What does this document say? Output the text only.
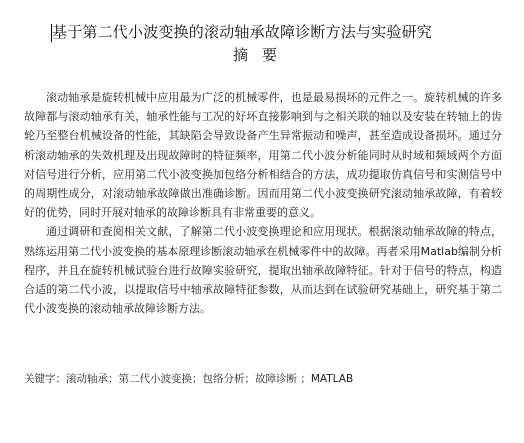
基于第二代小波变换的滚动轴承故障诊断方法与实验研究
摘要

滚动轴承是旋转机械中应用最为广泛的机械零件，也是最易损坏的元件之一。旋转机械的许多故障都与滚动轴承有关，轴承性能与工况的好坏直接影响到与之相关联的轴以及安装在转轴上的齿轮乃至整台机械设备的性能，其缺陷会导致设备产生异常振动和噪声，甚至造成设备损坏。通过分析滚动轴承的失效机理及出现故障时的特征频率，用第二代小波分析能同时从时域和频域两个方面对信号进行分析，应用第二代小波变换加包络分析相结合的方法，成功提取仿真信号和实测信号中的周期性成分，对滚动轴承故障做出准确诊断。因而用第二代小波变换研究滚动轴承故障，有着较好的优势，同时开展对轴承的故障诊断具有非常重要的意义。

通过调研和查阅相关文献，了解第二代小波变换理论和应用现状。根据滚动轴承故障的特点，熟练运用第二代小波变换的基本原理诊断滚动轴承在机械零件中的故障。再者采用Matlab编制分析程序，并且在旋转机械试验台进行故障实验研究，提取出轴承故障特征。针对于信号的特点，构造合适的第二代小波，以提取信号中轴承故障特征参数，从而达到在试验研究基础上，研究基于第二代小波变换的滚动轴承故障诊断方法。

关键字：滚动轴承；第二代小波变换；包络分析；故障诊断 ；MATLAB
